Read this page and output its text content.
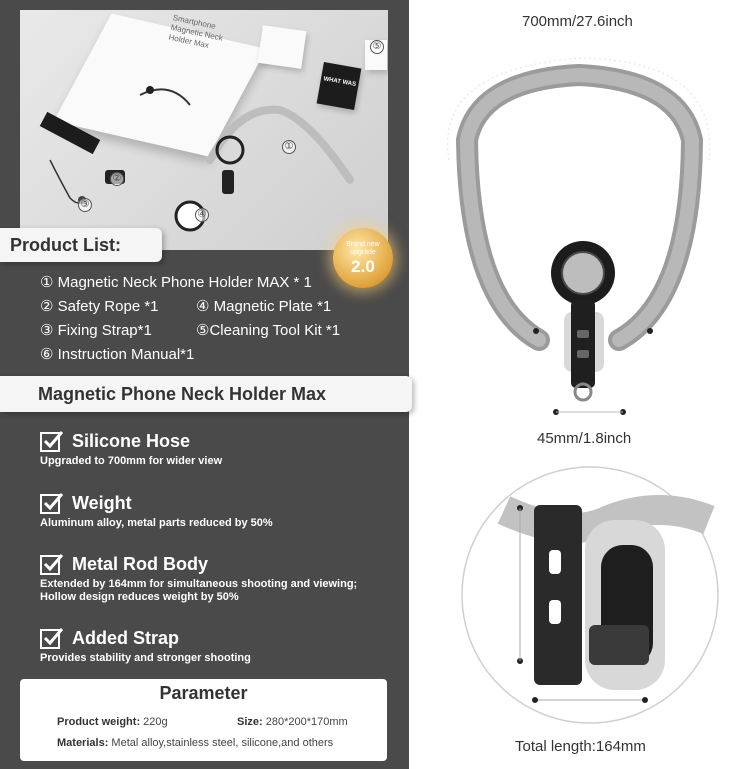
Smartphone Magnetic Neck Holder Max
WHAT WAS
①
②
③
④
⑤
Product List:	Brand new
upgrade
2.0
① Magnetic Neck Phone Holder MAX * 1
② Safety Rope *1 ④ Magnetic Plate *1
③ Fixing Strap*1	⑤Cleaning Tool Kit *1
⑥ Instruction Manual*1
Magnetic Phone Neck Holder Max
Silicone Hose
Upgraded to 700mm for wider view
Weight
Aluminum alloy, metal parts reduced by 50%
Metal Rod Body
Extended by 164mm for simultaneous shooting and viewing; Hollow design reduces weight by 50%
Added Strap
Provides stability and stronger shooting
Parameter
Product weight: 220g	Size: 280*200*170mm
Materials: Metal alloy,stainless steel, silicone,and others
700mm/27.6inch
45mm/1.8inch
Total length:164mm
